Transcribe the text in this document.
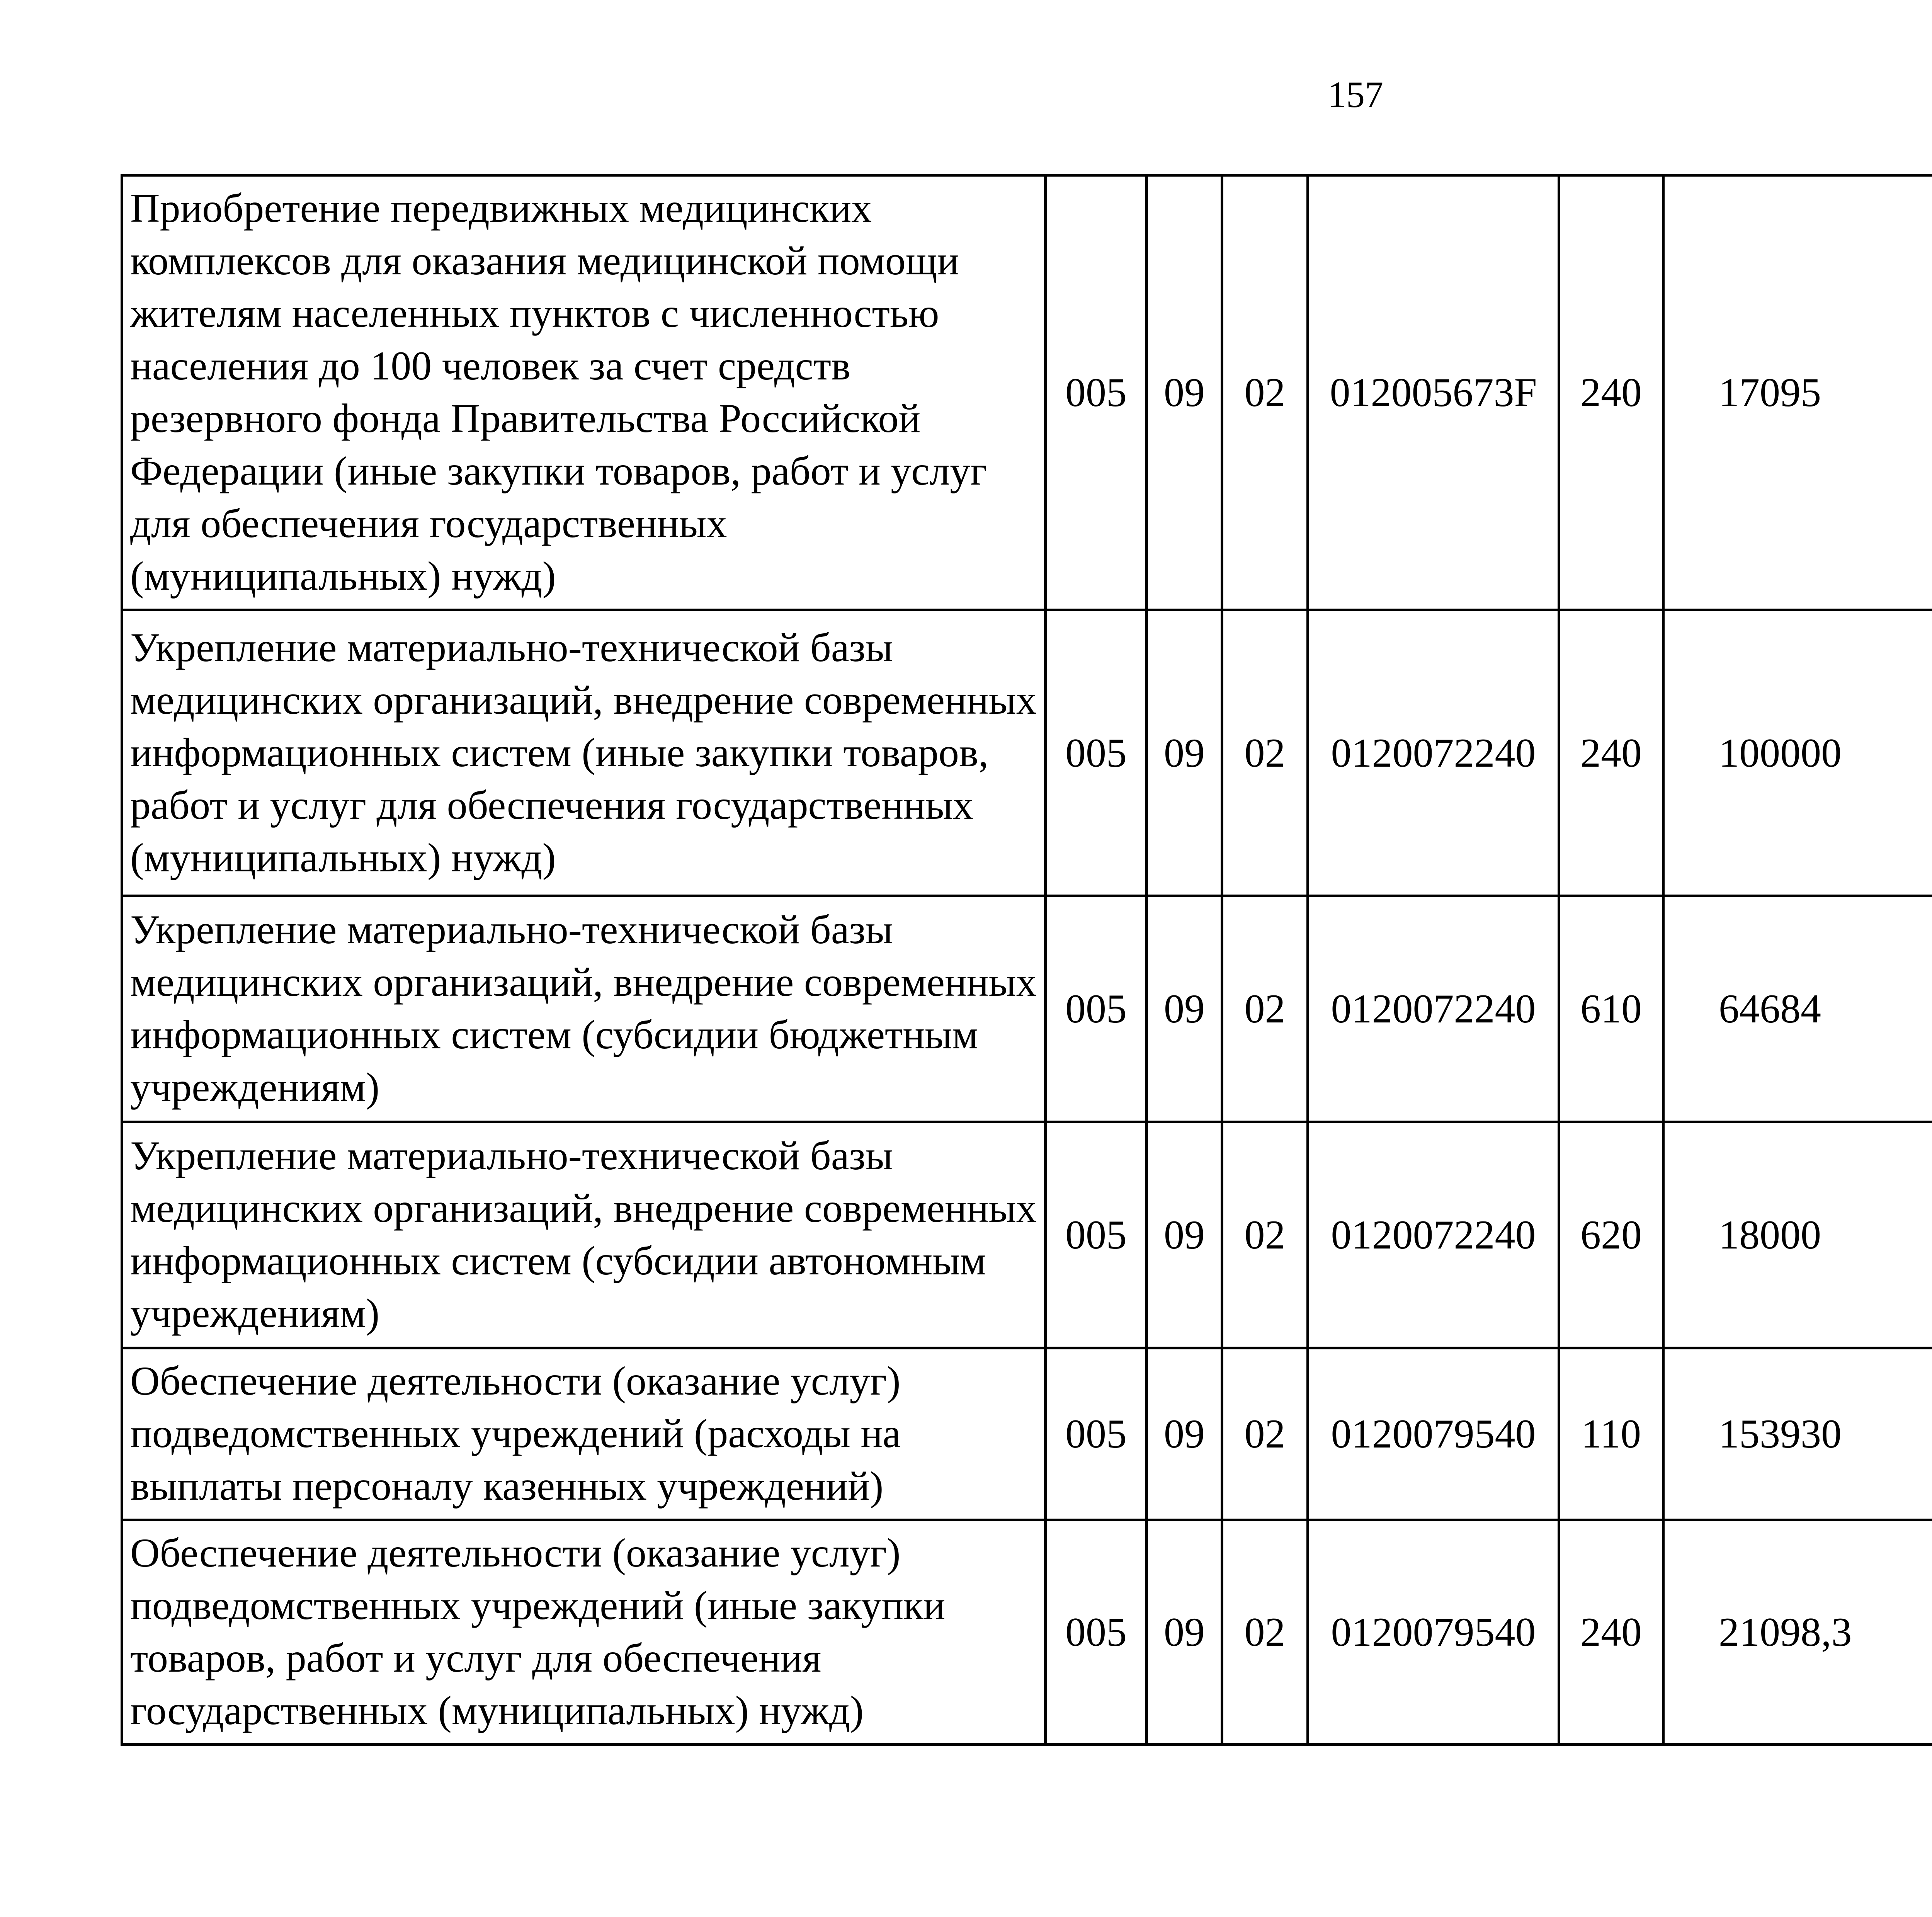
157
Приобретение передвижных медицинских комплексов для оказания медицинской помощи жителям населенных пунктов с численностью населения до 100 человек за счет средств резервного фонда Правительства Российской Федерации (иные закупки товаров, работ и услуг для обеспечения государственных (муниципальных) нужд)	005	09	02	012005673F	240	17095		
Укрепление материально-технической базы медицинских организаций, внедрение современных информационных систем (иные закупки товаров, работ и услуг для обеспечения государственных (муниципальных) нужд)	005	09	02	0120072240	240	100000		
Укрепление материально-технической базы медицинских организаций, внедрение современных информационных систем (субсидии бюджетным учреждениям)	005	09	02	0120072240	610	64684		
Укрепление материально-технической базы медицинских организаций, внедрение современных информационных систем (субсидии автономным учреждениям)	005	09	02	0120072240	620	18000		
Обеспечение деятельности (оказание услуг) подведомственных учреждений (расходы на выплаты персоналу казенных учреждений)	005	09	02	0120079540	110	153930		
Обеспечение деятельности (оказание услуг) подведомственных учреждений (иные закупки товаров, работ и услуг для обеспечения государственных (муниципальных) нужд)	005	09	02	0120079540	240	21098,3		
